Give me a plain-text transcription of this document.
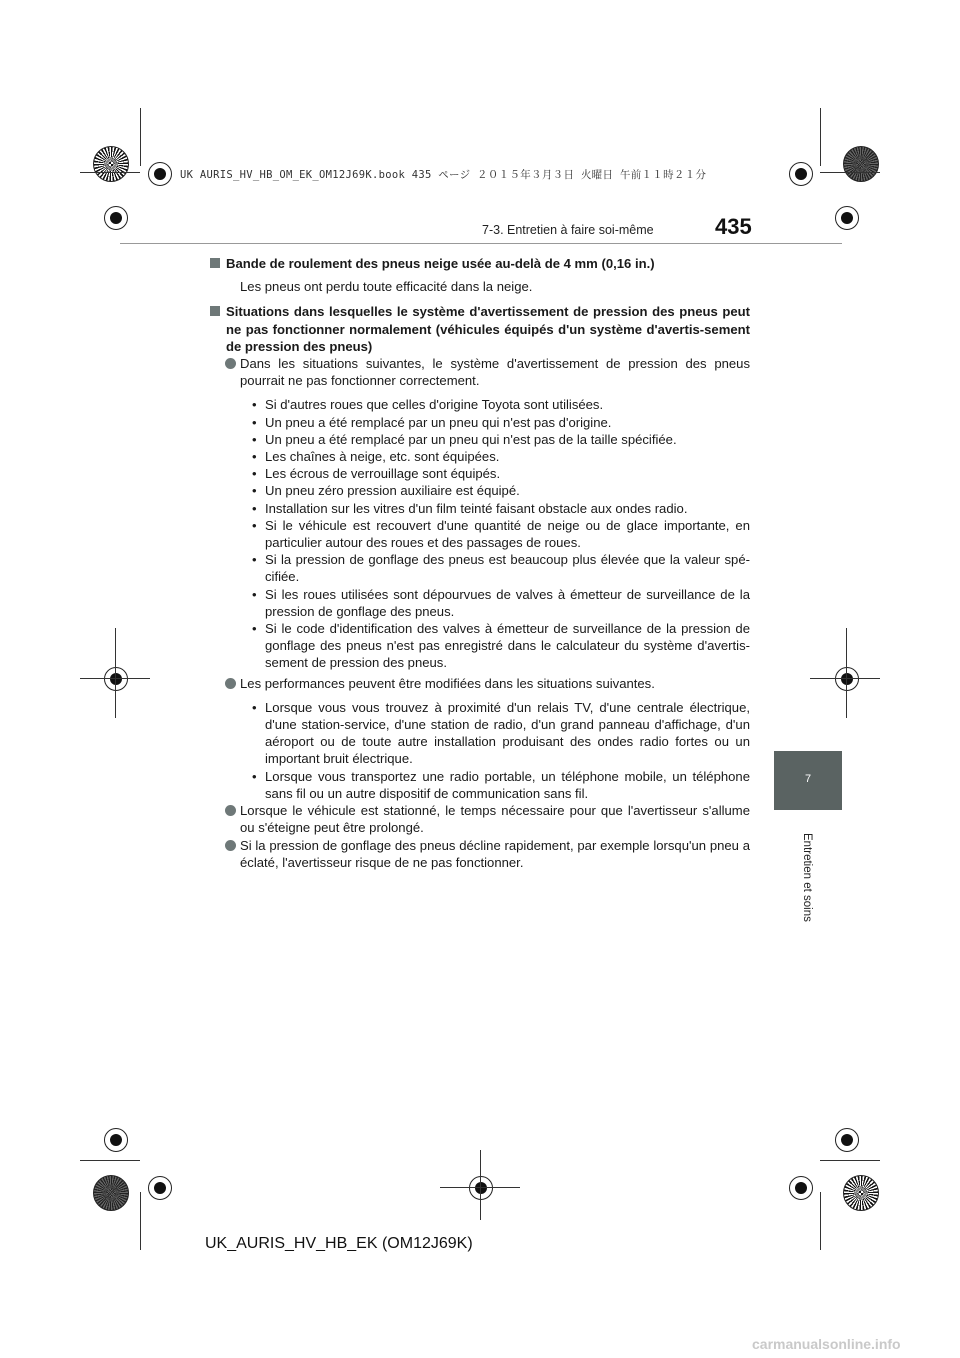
UK AURIS_HV_HB_OM_EK_OM12J69K.book 435 ページ ２０１５年３月３日 火曜日 午前１１時２１分
7-3. Entretien à faire soi-même	435
7
Entretien et soins

Bande de roulement des pneus neige usée au-delà de 4 mm (0,16 in.)

Les pneus ont perdu toute efficacité dans la neige.

Situations dans lesquelles le système d'avertissement de pression des pneus peut ne pas fonctionner normalement (véhicules équipés d'un système d'avertis-sement de pression des pneus)

Dans les situations suivantes, le système d'avertissement de pression des pneus pourrait ne pas fonctionner correctement.

• Si d'autres roues que celles d'origine Toyota sont utilisées.
• Un pneu a été remplacé par un pneu qui n'est pas d'origine.
• Un pneu a été remplacé par un pneu qui n'est pas de la taille spécifiée.
• Les chaînes à neige, etc. sont équipées.
• Les écrous de verrouillage sont équipés.
• Un pneu zéro pression auxiliaire est équipé.
• Installation sur les vitres d'un film teinté faisant obstacle aux ondes radio.
• Si le véhicule est recouvert d'une quantité de neige ou de glace importante, en particulier autour des roues et des passages de roues.
• Si la pression de gonflage des pneus est beaucoup plus élevée que la valeur spé-cifiée.
• Si les roues utilisées sont dépourvues de valves à émetteur de surveillance de la pression de gonflage des pneus.
• Si le code d'identification des valves à émetteur de surveillance de la pression de gonflage des pneus n'est pas enregistré dans le calculateur du système d'avertis-sement de pression des pneus.

Les performances peuvent être modifiées dans les situations suivantes.

• Lorsque vous vous trouvez à proximité d'un relais TV, d'une centrale électrique, d'une station-service, d'une station de radio, d'un grand panneau d'affichage, d'un aéroport ou de toute autre installation produisant des ondes radio fortes ou un important bruit électrique.
• Lorsque vous transportez une radio portable, un téléphone mobile, un téléphone sans fil ou un autre dispositif de communication sans fil.

Lorsque le véhicule est stationné, le temps nécessaire pour que l'avertisseur s'allume ou s'éteigne peut être prolongé.

Si la pression de gonflage des pneus décline rapidement, par exemple lorsqu'un pneu a éclaté, l'avertisseur risque de ne pas fonctionner.

UK_AURIS_HV_HB_EK (OM12J69K)
carmanualsonline.info
